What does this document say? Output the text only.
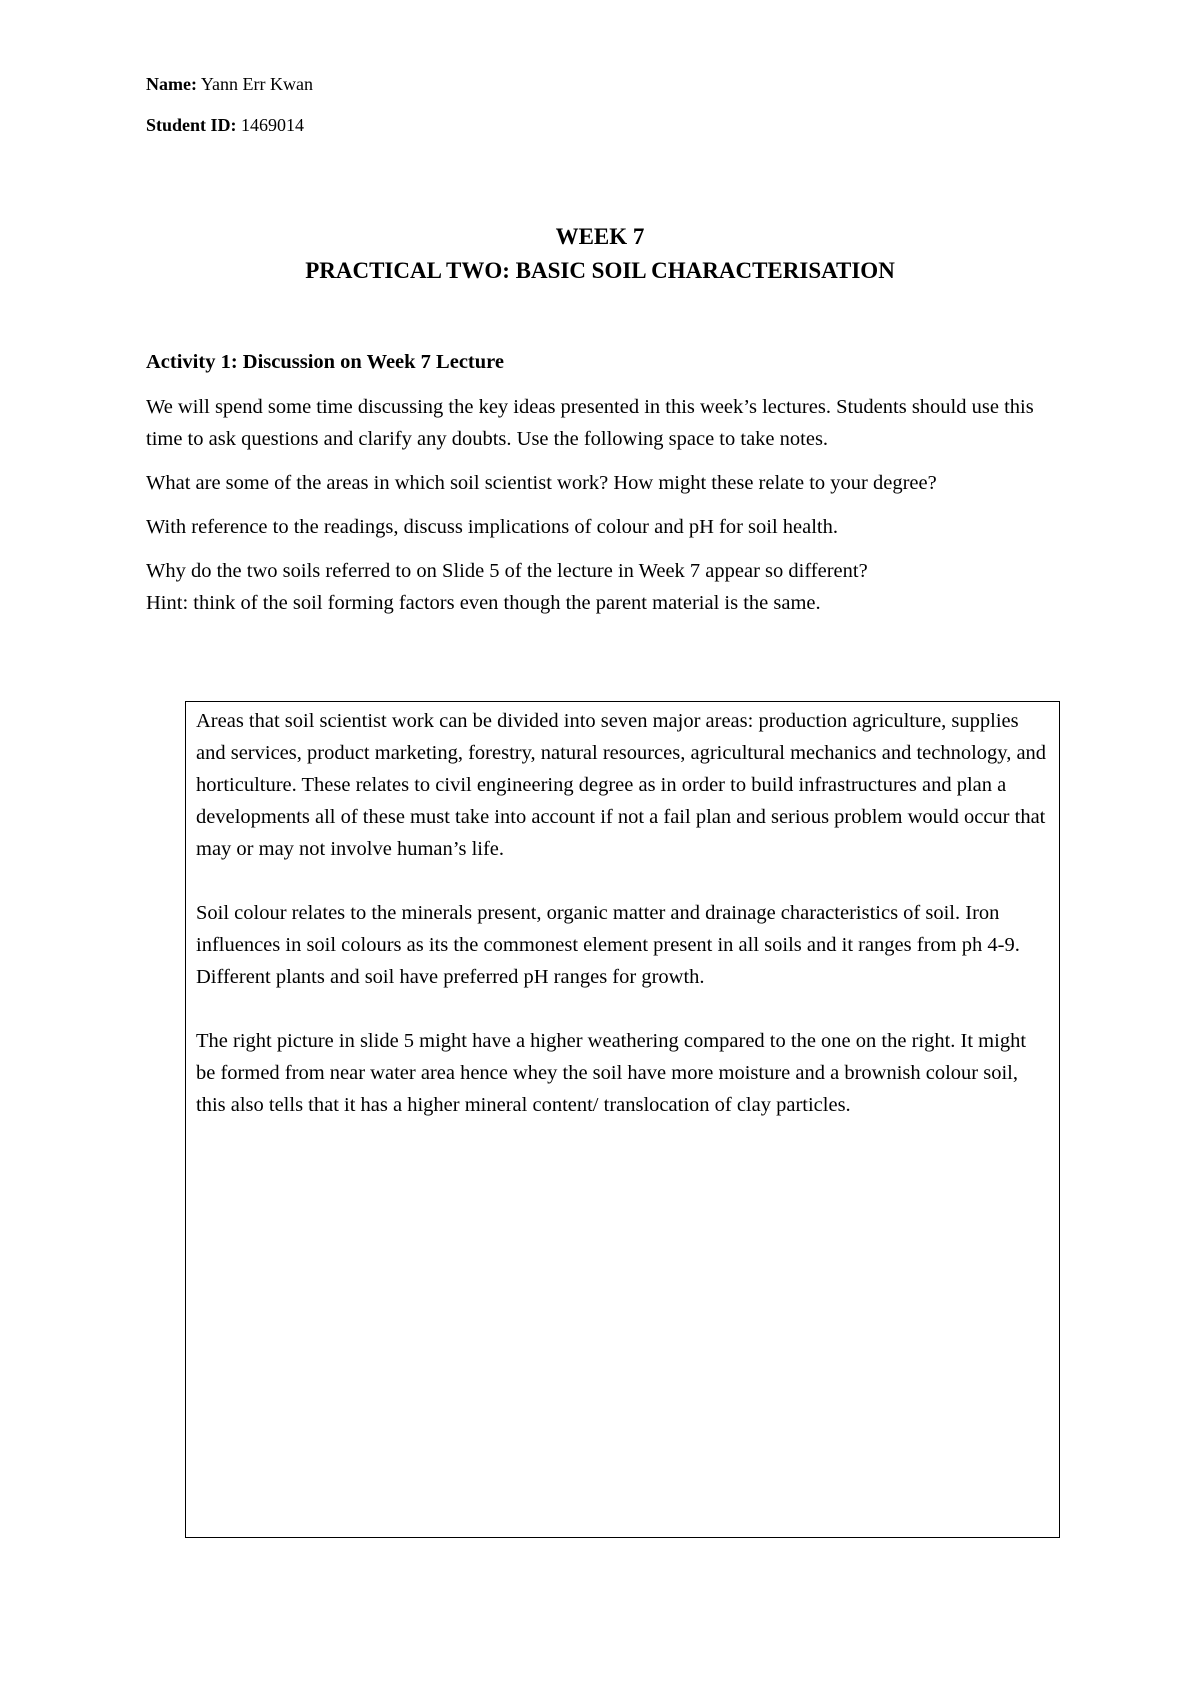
Name: Yann Err Kwan

Student ID: 1469014

WEEK 7
PRACTICAL TWO: BASIC SOIL CHARACTERISATION
Activity 1: Discussion on Week 7 Lecture

We will spend some time discussing the key ideas presented in this week’s lectures. Students should use this time to ask questions and clarify any doubts. Use the following space to take notes.

What are some of the areas in which soil scientist work? How might these relate to your degree?

With reference to the readings, discuss implications of colour and pH for soil health.

Why do the two soils referred to on Slide 5 of the lecture in Week 7 appear so different?
Hint: think of the soil forming factors even though the parent material is the same.

Areas that soil scientist work can be divided into seven major areas: production agriculture, supplies and services, product marketing, forestry, natural resources, agricultural mechanics and technology, and horticulture. These relates to civil engineering degree as in order to build infrastructures and plan a developments all of these must take into account if not a fail plan and serious problem would occur that may or may not involve human’s life.

Soil colour relates to the minerals present, organic matter and drainage characteristics of soil. Iron influences in soil colours as its the commonest element present in all soils and it ranges from ph 4-9. Different plants and soil have preferred pH ranges for growth.

The right picture in slide 5 might have a higher weathering compared to the one on the right. It might be formed from near water area hence whey the soil have more moisture and a brownish colour soil, this also tells that it has a higher mineral content/ translocation of clay particles.
